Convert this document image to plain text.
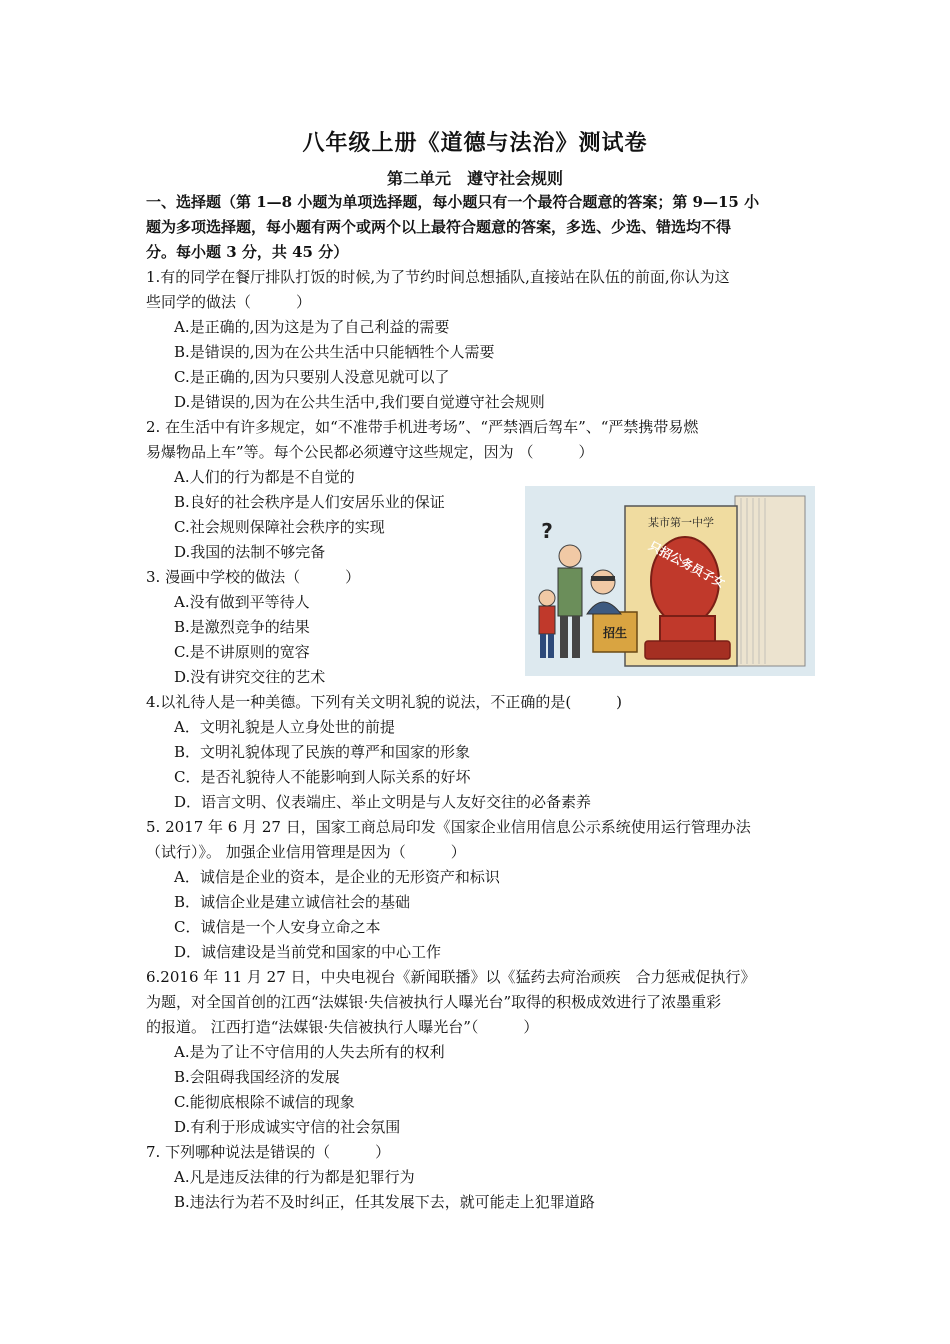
八年级上册《道德与法治》测试卷
第二单元　遵守社会规则
一、选择题（第 1—8 小题为单项选择题，每小题只有一个最符合题意的答案；第 9—15 小
题为多项选择题，每小题有两个或两个以上最符合题意的答案，多选、少选、错选均不得
分。每小题 3 分，共 45 分）
1.有的同学在餐厅排队打饭的时候,为了节约时间总想插队,直接站在队伍的前面,你认为这
些同学的做法（　　　）
A.是正确的,因为这是为了自己利益的需要
B.是错误的,因为在公共生活中只能牺牲个人需要
C.是正确的,因为只要别人没意见就可以了
D.是错误的,因为在公共生活中,我们要自觉遵守社会规则
2. 在生活中有许多规定，如“不准带手机进考场”、“严禁酒后驾车”、“严禁携带易燃
易爆物品上车”等。每个公民都必须遵守这些规定，因为 （　　　）
A.人们的行为都是不自觉的
B.良好的社会秩序是人们安居乐业的保证
C.社会规则保障社会秩序的实现
D.我国的法制不够完备
3. 漫画中学校的做法（　　　）
A.没有做到平等待人
B.是激烈竞争的结果
C.是不讲原则的宽容
D.没有讲究交往的艺术
4.以礼待人是一种美德。下列有关文明礼貌的说法，不正确的是(　　　)
A．文明礼貌是人立身处世的前提
B．文明礼貌体现了民族的尊严和国家的形象
C．是否礼貌待人不能影响到人际关系的好坏
D．语言文明、仪表端庄、举止文明是与人友好交往的必备素养
5. 2017 年 6 月 27 日，国家工商总局印发《国家企业信用信息公示系统使用运行管理办法
（试行）》。 加强企业信用管理是因为（　　　）
A．诚信是企业的资本，是企业的无形资产和标识
B．诚信企业是建立诚信社会的基础
C．诚信是一个人安身立命之本
D．诚信建设是当前党和国家的中心工作
6.2016 年 11 月 27 日，中央电视台《新闻联播》以《猛药去疴治顽疾　合力惩戒促执行》
为题，对全国首创的江西“法媒银·失信被执行人曝光台”取得的积极成效进行了浓墨重彩
的报道。 江西打造“法媒银·失信被执行人曝光台”（　　　）
A.是为了让不守信用的人失去所有的权利
B.会阻碍我国经济的发展
C.能彻底根除不诚信的现象
D.有利于形成诚实守信的社会氛围
7. 下列哪种说法是错误的（　　　）
A.凡是违反法律的行为都是犯罪行为
B.违法行为若不及时纠正，任其发展下去，就可能走上犯罪道路
某市第一中学
只招公务员子女
招生
?
